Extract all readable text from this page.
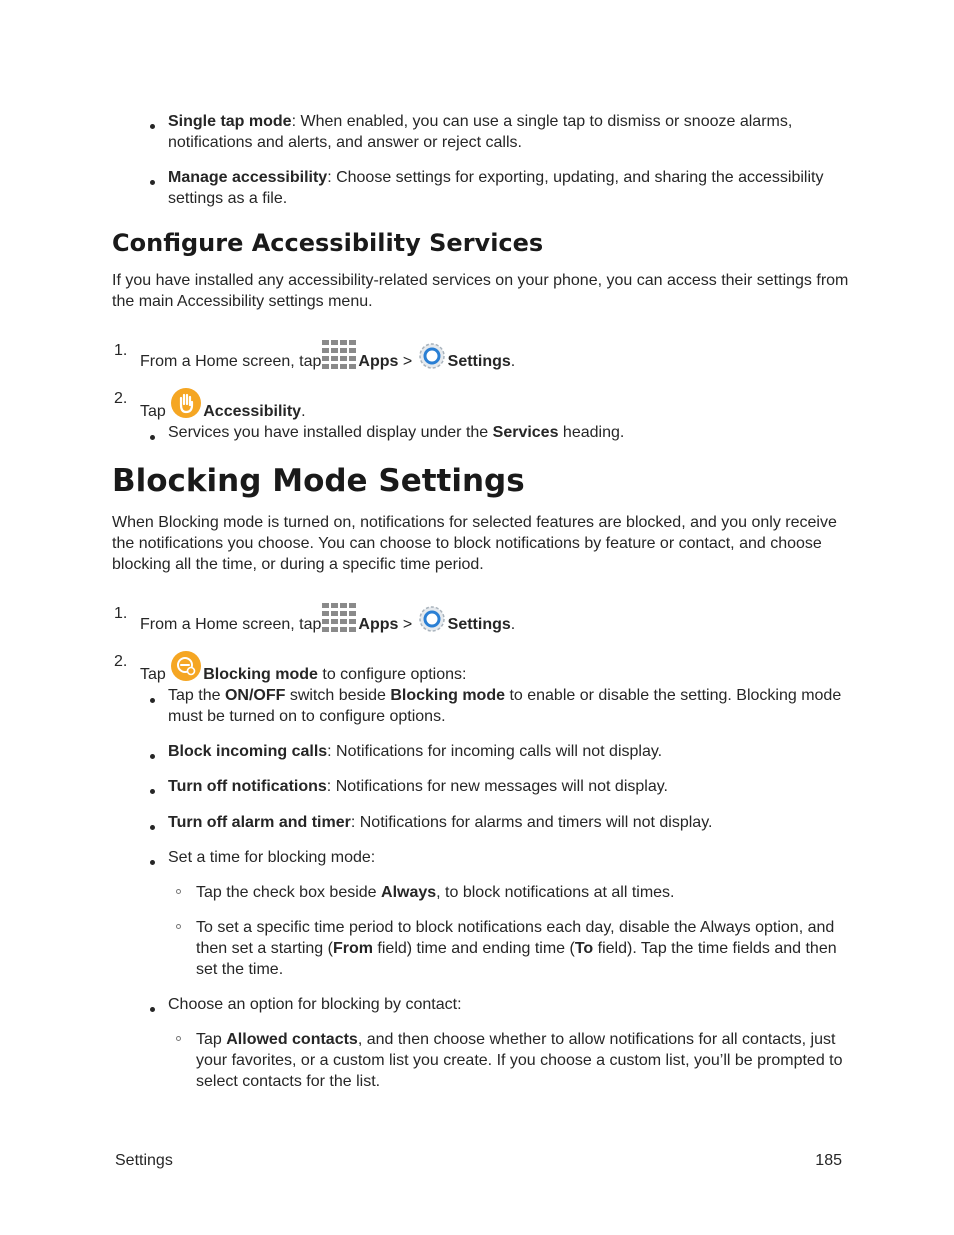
Single tap mode: When enabled, you can use a single tap to dismiss or snooze alarms, notifications and alerts, and answer or reject calls.
Manage accessibility: Choose settings for exporting, updating, and sharing the accessibility settings as a file.
Configure Accessibility Services
If you have installed any accessibility-related services on your phone, you can access their settings from the main Accessibility settings menu.
1.
From a Home screen, tap Apps > Settings.
2.
Tap Accessibility.
Services you have installed display under the Services heading.
Blocking Mode Settings
When Blocking mode is turned on, notifications for selected features are blocked, and you only receive the notifications you choose. You can choose to block notifications by feature or contact, and choose blocking all the time, or during a specific time period.
1.
From a Home screen, tap Apps > Settings.
2.
Tap Blocking mode to configure options:
Tap the ON/OFF switch beside Blocking mode to enable or disable the setting. Blocking mode must be turned on to configure options.
Block incoming calls: Notifications for incoming calls will not display.
Turn off notifications: Notifications for new messages will not display.
Turn off alarm and timer: Notifications for alarms and timers will not display.
Set a time for blocking mode:
Tap the check box beside Always, to block notifications at all times.
To set a specific time period to block notifications each day, disable the Always option, and then set a starting (From field) time and ending time (To field). Tap the time fields and then set the time.
Choose an option for blocking by contact:
Tap Allowed contacts, and then choose whether to allow notifications for all contacts, just your favorites, or a custom list you create. If you choose a custom list, you’ll be prompted to select contacts for the list.
Settings	185
